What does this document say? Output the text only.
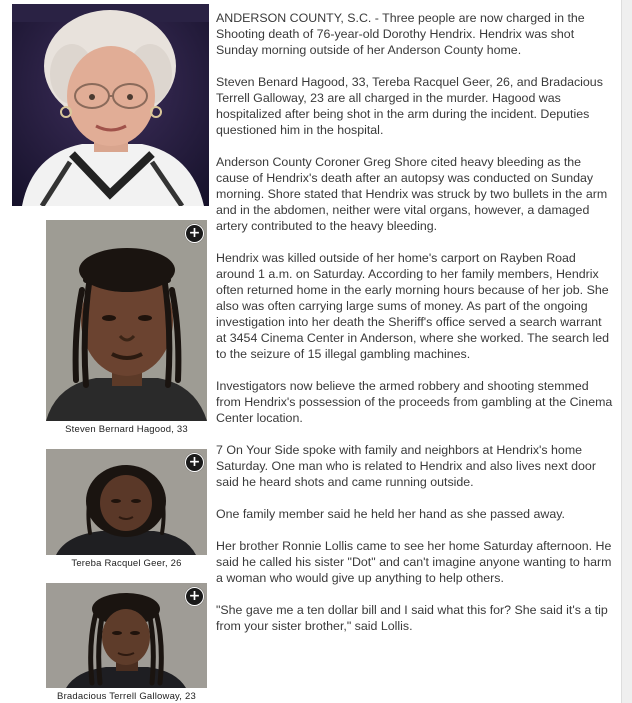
+
Steven Bernard Hagood, 33
+
Tereba Racquel Geer, 26
+
Bradacious Terrell Galloway, 23

ANDERSON COUNTY, S.C. - Three people are now charged in the Shooting death of 76-year-old Dorothy Hendrix. Hendrix was shot Sunday morning outside of her Anderson County home.

Steven Benard Hagood, 33, Tereba Racquel Geer, 26, and Bradacious Terrell Galloway, 23 are all charged in the murder. Hagood was hospitalized after being shot in the arm during the incident. Deputies questioned him in the hospital.

Anderson County Coroner Greg Shore cited heavy bleeding as the cause of Hendrix's death after an autopsy was conducted on Sunday morning. Shore stated that Hendrix was struck by two bullets in the arm and in the abdomen, neither were vital organs, however, a damaged artery contributed to the heavy bleeding.

Hendrix was killed outside of her home's carport on Rayben Road around 1 a.m. on Saturday. According to her family members, Hendrix often returned home in the early morning hours because of her job. She also was often carrying large sums of money. As part of the ongoing investigation into her death the Sheriff's office served a search warrant at 3454 Cinema Center in Anderson, where she worked. The search led to the seizure of 15 illegal gambling machines.

Investigators now believe the armed robbery and shooting stemmed from Hendrix's possession of the proceeds from gambling at the Cinema Center location.

7 On Your Side spoke with family and neighbors at Hendrix's home Saturday. One man who is related to Hendrix and also lives next door said he heard shots and came running outside.

One family member said he held her hand as she passed away.

Her brother Ronnie Lollis came to see her home Saturday afternoon. He said he called his sister "Dot" and can't imagine anyone wanting to harm a woman who would give up anything to help others.

"She gave me a ten dollar bill and I said what this for? She said it's a tip from your sister brother," said Lollis.
